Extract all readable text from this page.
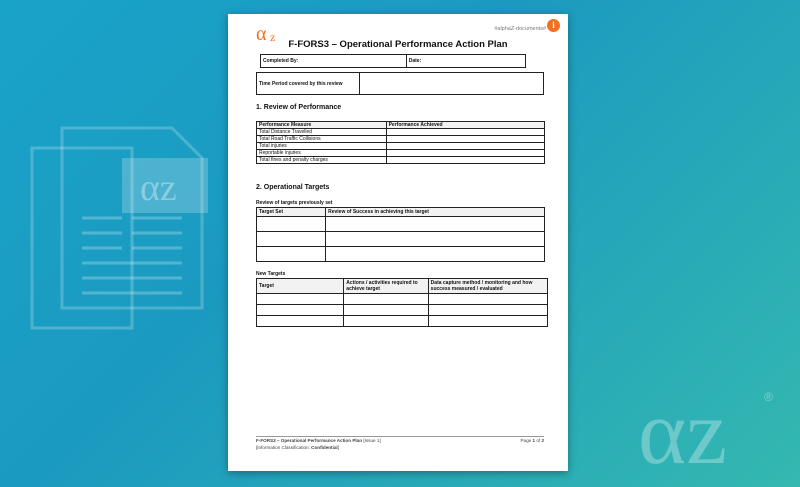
αz
αz	®
α z
#alphaZ-documents# i
F-FORS3 – Operational Performance Action Plan
Completed By:	Date:
Time Period covered by this review	
1. Review of Performance
Performance Measure	Performance Achieved
Total Distance Travelled	
Total Road Traffic Collisions	
Total injuries	
Reportable injuries	
Total fines and penalty charges	
2. Operational Targets
Review of targets previously set
Target Set	Review of Success in achieving this target

New Targets
Target	Actions / activities required to achieve target	Data capture method / monitoring and how success measured / evaluated

F-FORS3 – Operational Performance Action Plan [Issue 1]
[Information Classification: Confidential]
Page 1 of 2
